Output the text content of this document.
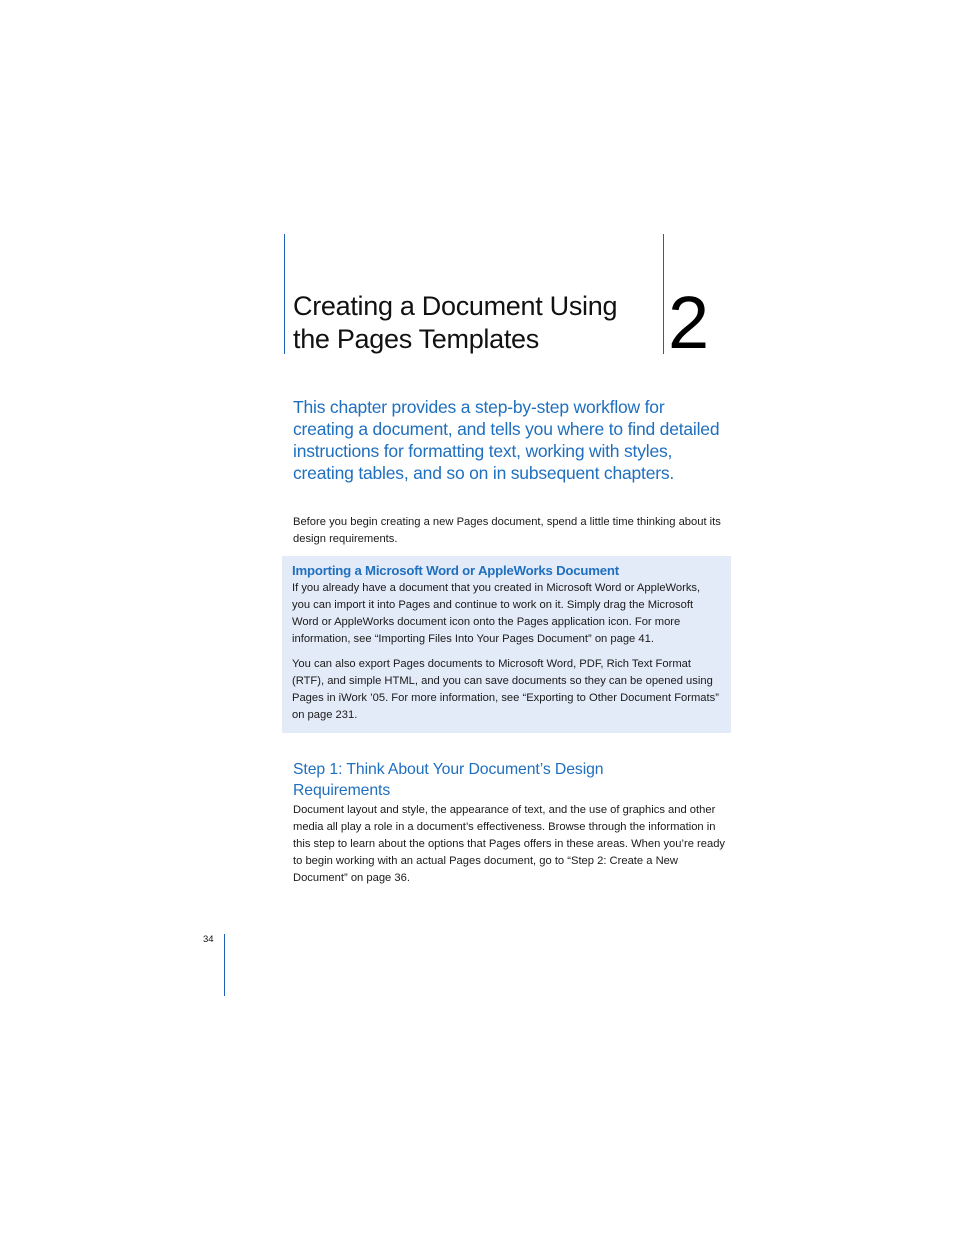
Creating a Document Using the Pages Templates	2
This chapter provides a step-by-step workflow for creating a document, and tells you where to find detailed instructions for formatting text, working with styles, creating tables, and so on in subsequent chapters.

Before you begin creating a new Pages document, spend a little time thinking about its design requirements.

Importing a Microsoft Word or AppleWorks Document

If you already have a document that you created in Microsoft Word or AppleWorks, you can import it into Pages and continue to work on it. Simply drag the Microsoft Word or AppleWorks document icon onto the Pages application icon. For more information, see “Importing Files Into Your Pages Document” on page 41.

You can also export Pages documents to Microsoft Word, PDF, Rich Text Format (RTF), and simple HTML, and you can save documents so they can be opened using Pages in iWork ’05. For more information, see “Exporting to Other Document Formats” on page 231.

Step 1: Think About Your Document’s Design Requirements

Document layout and style, the appearance of text, and the use of graphics and other media all play a role in a document’s effectiveness. Browse through the information in this step to learn about the options that Pages offers in these areas. When you’re ready to begin working with an actual Pages document, go to “Step 2: Create a New Document” on page 36.

34
